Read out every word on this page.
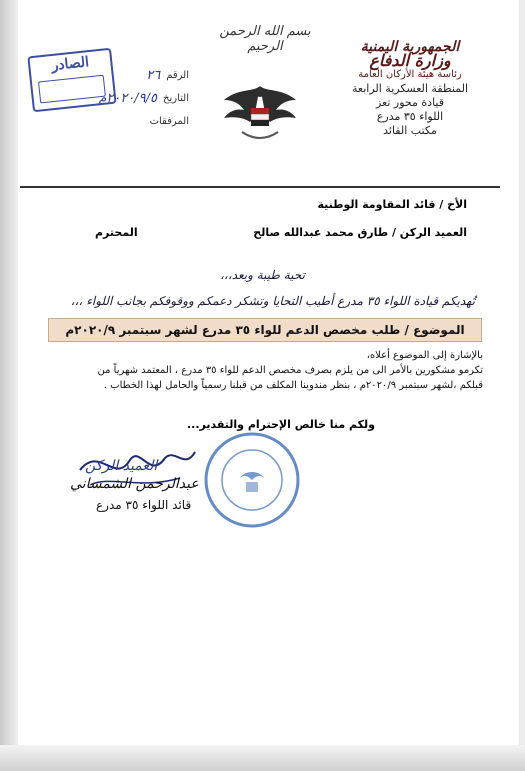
الجمهورية اليمنية
وزارة الدفاع
رئاسة هيئة الأركان العامة
المنطقة العسكرية الرابعة
قيادة محور تعز
اللواء ٣٥ مدرع
مكتب القائد
بسم الله الرحمن الرحيم
الرقم
٢٦
التاريخ
٢٠٢٠/٩/٥م
المرفقات
الصادر
الأخ / قائد المقاومة الوطنية
العميد الركن / طارق محمد عبدالله صالح
المحترم
تحية طيبة وبعد،،،
تُهديكم قيادة اللواء ٣٥ مدرع أطيب التحايا وتشكر دعمكم ووقوفكم بجانب اللواء ،،،
الموضوع / طلب مخصص الدعم للواء ٣٥ مدرع لشهر سبتمبر ٢٠٢٠/٩م
بالإشارة إلى الموضوع أعلاه،
تكرمو مشكورين بالأمر الى من يلزم بصرف مخصص الدعم للواء ٣٥ مدرع ، المعتمد شهرياً من
قبلكم ،لشهر سبتمبر ٢٠٢٠/٩م ، بنظر مندوبنا المكلف من قبلنا رسمياً والحامل لهذا الخطاب .
ولكم منا خالص الإحترام والتقدير...
العميد الركن
عبدالرحمن الشمساني
قائد اللواء ٣٥ مدرع
